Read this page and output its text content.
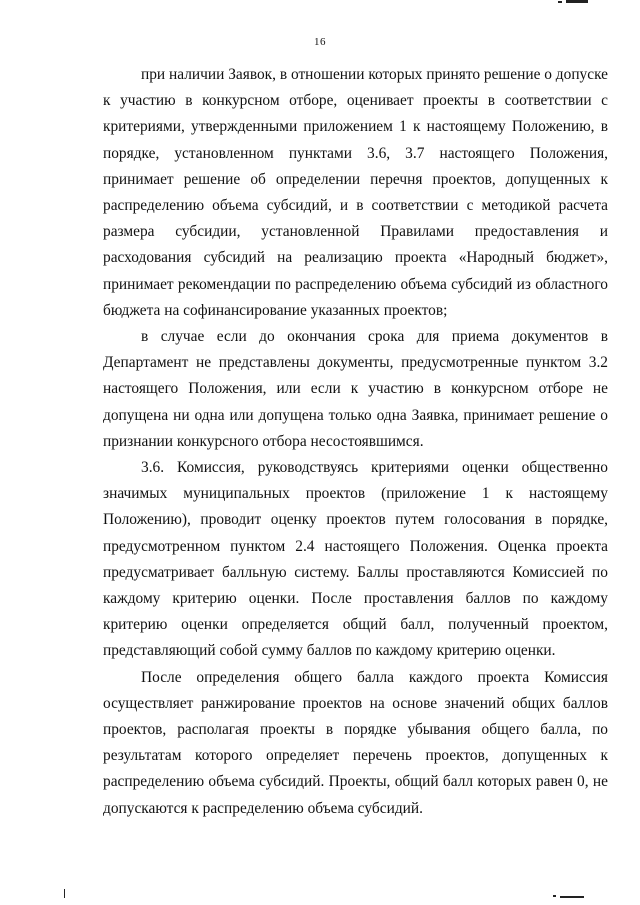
16

при наличии Заявок, в отношении которых принято решение о допуске к участию в конкурсном отборе, оценивает проекты в соответствии с критериями, утвержденными приложением 1 к настоящему Положению, в порядке, установленном пунктами 3.6, 3.7 настоящего Положения, принимает решение об определении перечня проектов, допущенных к распределению объема субсидий, и в соответствии с методикой расчета размера субсидии, установленной Правилами предоставления и расходования субсидий на реализацию проекта «Народный бюджет», принимает рекомендации по распределению объема субсидий из областного бюджета на софинансирование указанных проектов;

в случае если до окончания срока для приема документов в Департамент не представлены документы, предусмотренные пунктом 3.2 настоящего Положения, или если к участию в конкурсном отборе не допущена ни одна или допущена только одна Заявка, принимает решение о признании конкурсного отбора несостоявшимся.

3.6. Комиссия, руководствуясь критериями оценки общественно значимых муниципальных проектов (приложение 1 к настоящему Положению), проводит оценку проектов путем голосования в порядке, предусмотренном пунктом 2.4 настоящего Положения. Оценка проекта предусматривает балльную систему. Баллы проставляются Комиссией по каждому критерию оценки. После проставления баллов по каждому критерию оценки определяется общий балл, полученный проектом, представляющий собой сумму баллов по каждому критерию оценки.

После определения общего балла каждого проекта Комиссия осуществляет ранжирование проектов на основе значений общих баллов проектов, располагая проекты в порядке убывания общего балла, по результатам которого определяет перечень проектов, допущенных к распределению объема субсидий. Проекты, общий балл которых равен 0, не допускаются к распределению объема субсидий.
